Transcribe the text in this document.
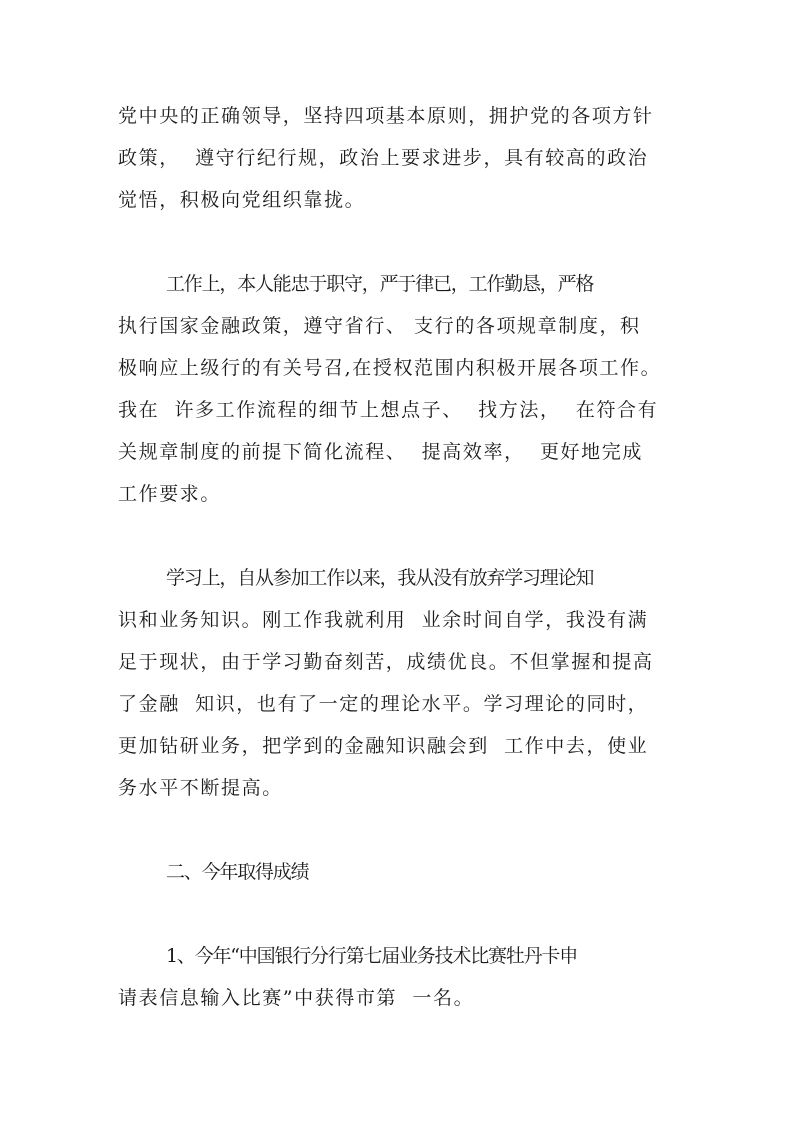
党中央的正确领导，坚持四项基本原则，拥护党的各项方针
政策，  遵守行纪行规，政治上要求进步，具有较高的政治
觉悟，积极向党组织靠拢。
工作上，本人能忠于职守，严于律已，工作勤恳，严格
执行国家金融政策，遵守省行、 支行的各项规章制度，积
极响应上级行的有关号召,在授权范围内积极开展各项工作。
我在  许多工作流程的细节上想点子、  找方法，  在符合有
关规章制度的前提下简化流程、  提高效率，  更好地完成
工作要求。
学习上，自从参加工作以来，我从没有放弃学习理论知
识和业务知识。刚工作我就利用  业余时间自学，我没有满
足于现状，由于学习勤奋刻苦，成绩优良。不但掌握和提高
了金融  知识，也有了一定的理论水平。学习理论的同时，
更加钻研业务，把学到的金融知识融会到  工作中去，使业
务水平不断提高。
二、今年取得成绩
1、今年“中国银行分行第七届业务技术比赛牡丹卡申
请表信息输入比赛”中获得市第  一名。
